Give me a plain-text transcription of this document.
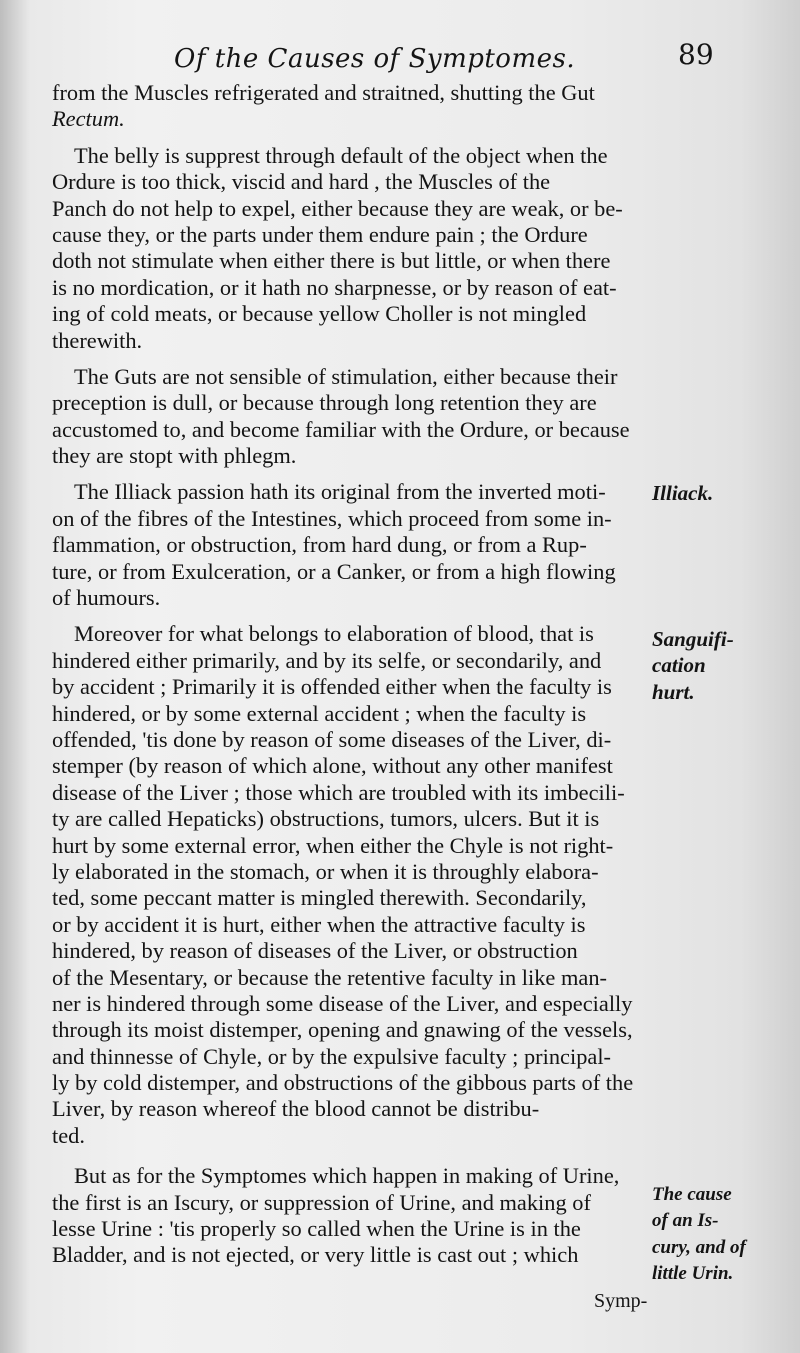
Of the Causes of Symptomes.	89
from the Muscles refrigerated and straitned, shutting the Gut
Rectum.
The belly is supprest through default of the object when the
Ordure is too thick, viscid and hard , the Muscles of the
Panch do not help to expel, either because they are weak, or be-
cause they, or the parts under them endure pain ; the Ordure
doth not stimulate when either there is but little, or when there
is no mordication, or it hath no sharpnesse, or by reason of eat-
ing of cold meats, or because yellow Choller is not mingled
therewith.
The Guts are not sensible of stimulation, either because their
preception is dull, or because through long retention they are
accustomed to, and become familiar with the Ordure, or because
they are stopt with phlegm.
The Illiack passion hath its original from the inverted moti-
on of the fibres of the Intestines, which proceed from some in-
flammation, or obstruction, from hard dung, or from a Rup-
ture, or from Exulceration, or a Canker, or from a high flowing
of humours.
Moreover for what belongs to elaboration of blood, that is
hindered either primarily, and by its selfe, or secondarily, and
by accident ; Primarily it is offended either when the faculty is
hindered, or by some external accident ; when the faculty is
offended, 'tis done by reason of some diseases of the Liver, di-
stemper (by reason of which alone, without any other manifest
disease of the Liver ; those which are troubled with its imbecili-
ty are called Hepaticks) obstructions, tumors, ulcers. But it is
hurt by some external error, when either the Chyle is not right-
ly elaborated in the stomach, or when it is throughly elabora-
ted, some peccant matter is mingled therewith. Secondarily,
or by accident it is hurt, either when the attractive faculty is
hindered, by reason of diseases of the Liver, or obstruction
of the Mesentary, or because the retentive faculty in like man-
ner is hindered through some disease of the Liver, and especially
through its moist distemper, opening and gnawing of the vessels,
and thinnesse of Chyle, or by the expulsive faculty ; principal-
ly by cold distemper, and obstructions of the gibbous parts of the
Liver, by reason whereof the blood cannot be distribu-
ted.
But as for the Symptomes which happen in making of Urine,
the first is an Iscury, or suppression of Urine, and making of
lesse Urine : 'tis properly so called when the Urine is in the
Bladder, and is not ejected, or very little is cast out ; which
Illiack.
Sanguifi-
cation
hurt.
The cause
of an Is-
cury, and of
little Urin.
Symp-
